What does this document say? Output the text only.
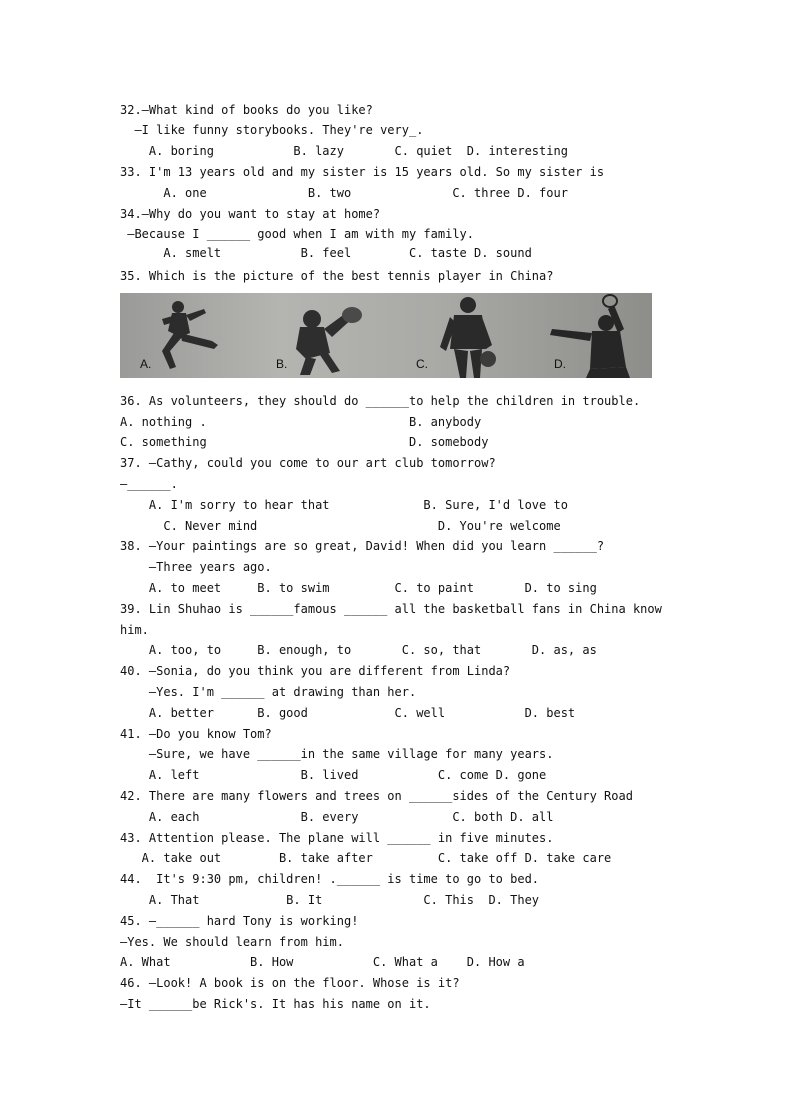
32.—What kind of books do you like?
—I like funny storybooks. They're very_.
A. boring           B. lazy       C. quiet  D. interesting
33. I'm 13 years old and my sister is 15 years old. So my sister is
A. one              B. two              C. three D. four
34.—Why do you want to stay at home?
—Because I ______ good when I am with my family.
A. smelt           B. feel        C. taste D. sound
35. Which is the picture of the best tennis player in China?
A.	B.	C.	D.
36. As volunteers, they should do ______to help the children in trouble.
A. nothing .                            B. anybody
C. something                            D. somebody
37. —Cathy, could you come to our art club tomorrow?
—______.
A. I'm sorry to hear that             B. Sure, I'd love to
C. Never mind                         D. You're welcome
38. —Your paintings are so great, David! When did you learn ______?
—Three years ago.
A. to meet     B. to swim         C. to paint       D. to sing
39. Lin Shuhao is ______famous ______ all the basketball fans in China know
him.
A. too, to     B. enough, to       C. so, that       D. as, as
40. —Sonia, do you think you are different from Linda?
—Yes. I'm ______ at drawing than her.
A. better      B. good            C. well           D. best
41. —Do you know Tom?
—Sure, we have ______in the same village for many years.
A. left              B. lived           C. come D. gone
42. There are many flowers and trees on ______sides of the Century Road
A. each              B. every             C. both D. all
43. Attention please. The plane will ______ in five minutes.
A. take out        B. take after         C. take off D. take care
44.  It's 9:30 pm, children! .______ is time to go to bed.
A. That            B. It              C. This  D. They
45. —______ hard Tony is working!
—Yes. We should learn from him.
A. What           B. How           C. What a    D. How a
46. —Look! A book is on the floor. Whose is it?
—It ______be Rick's. It has his name on it.
